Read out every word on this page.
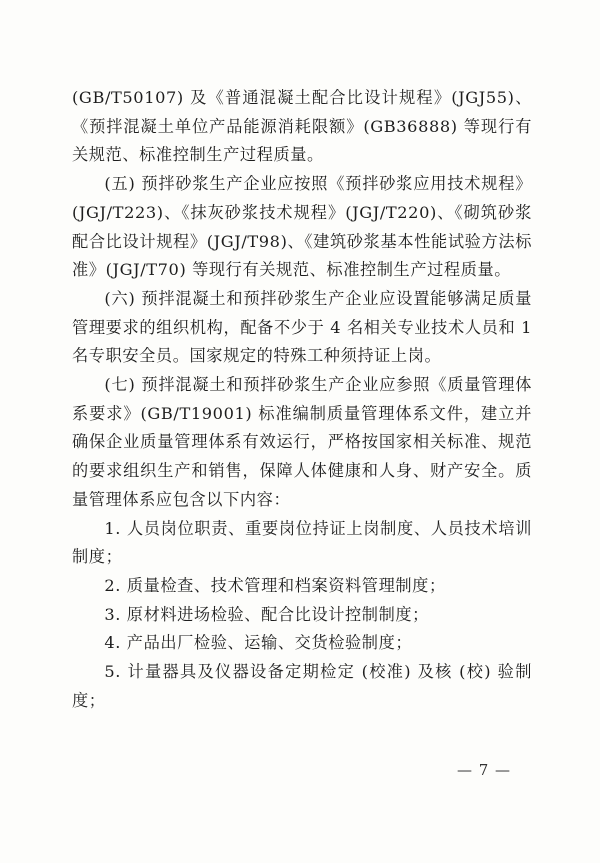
(GB/T50107) 及《普通混凝土配合比设计规程》(JGJ55)、《预拌混凝土单位产品能源消耗限额》(GB36888) 等现行有关规范、标准控制生产过程质量。

(五) 预拌砂浆生产企业应按照《预拌砂浆应用技术规程》(JGJ/T223)、《抹灰砂浆技术规程》(JGJ/T220)、《砌筑砂浆配合比设计规程》(JGJ/T98)、《建筑砂浆基本性能试验方法标准》(JGJ/T70) 等现行有关规范、标准控制生产过程质量。

(六) 预拌混凝土和预拌砂浆生产企业应设置能够满足质量管理要求的组织机构，配备不少于 4 名相关专业技术人员和 1 名专职安全员。国家规定的特殊工种须持证上岗。

(七) 预拌混凝土和预拌砂浆生产企业应参照《质量管理体系要求》(GB/T19001) 标准编制质量管理体系文件，建立并确保企业质量管理体系有效运行，严格按国家相关标准、规范的要求组织生产和销售，保障人体健康和人身、财产安全。质量管理体系应包含以下内容：

1. 人员岗位职责、重要岗位持证上岗制度、人员技术培训制度；

2. 质量检查、技术管理和档案资料管理制度；

3. 原材料进场检验、配合比设计控制制度；

4. 产品出厂检验、运输、交货检验制度；

5. 计量器具及仪器设备定期检定 (校准) 及核 (校) 验制度；

— 7 —
